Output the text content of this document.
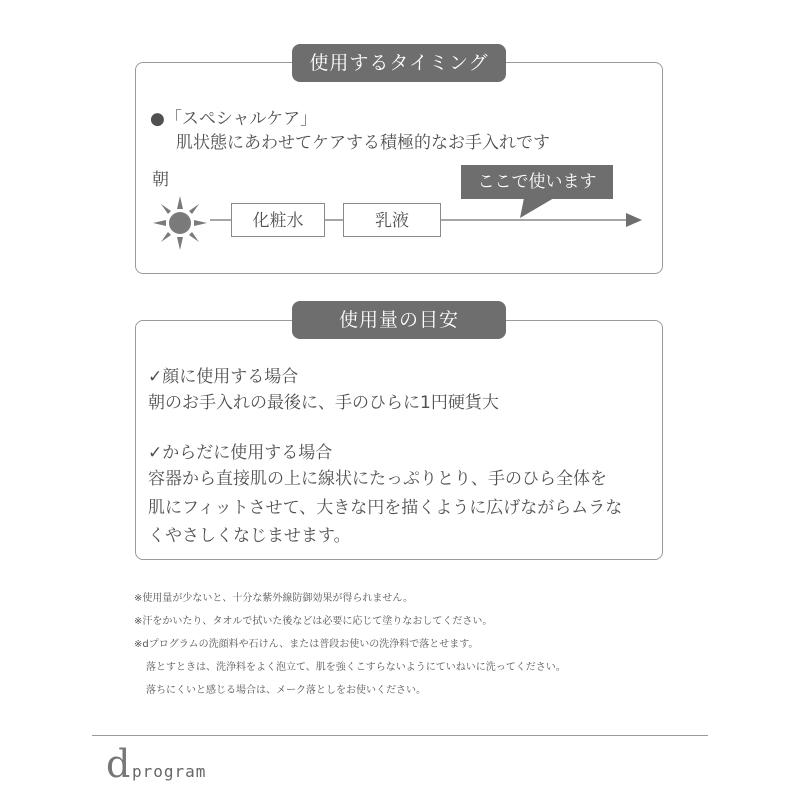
使用するタイミング
●「スペシャルケア」
肌状態にあわせてケアする積極的なお手入れです
朝
化粧水	乳液
ここで使います
使用量の目安
✓顔に使用する場合
朝のお手入れの最後に、手のひらに1円硬貨大
✓からだに使用する場合
容器から直接肌の上に線状にたっぷりとり、手のひら全体を
肌にフィットさせて、大きな円を描くように広げながらムラな
くやさしくなじませます。
※使用量が少ないと、十分な紫外線防御効果が得られません。
※汗をかいたり、タオルで拭いた後などは必要に応じて塗りなおしてください。
※dプログラムの洗顔料や石けん、または普段お使いの洗浄料で落とせます。
落とすときは、洗浄料をよく泡立て、肌を強くこすらないようにていねいに洗ってください。
落ちにくいと感じる場合は、メーク落としをお使いください。
d program
